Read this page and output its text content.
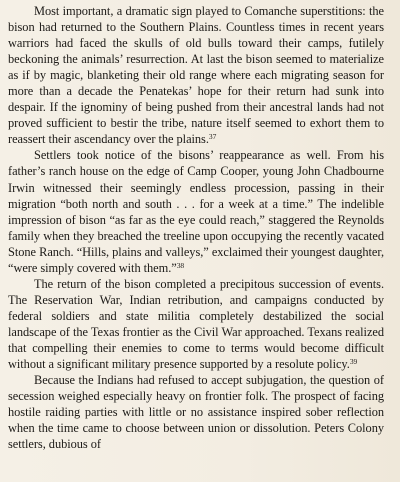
Most important, a dramatic sign played to Comanche superstitions: the bison had returned to the Southern Plains. Countless times in recent years warriors had faced the skulls of old bulls toward their camps, futilely beckoning the animals’ resurrection. At last the bison seemed to materialize as if by magic, blanketing their old range where each migrating season for more than a decade the Penatekas’ hope for their return had sunk into despair. If the ignominy of being pushed from their ancestral lands had not proved sufficient to bestir the tribe, nature itself seemed to exhort them to reassert their ascendancy over the plains.$^{37}$

Settlers took notice of the bisons’ reappearance as well. From his father’s ranch house on the edge of Camp Cooper, young John Chadbourne Irwin witnessed their seemingly endless procession, passing in their migration “both north and south . . . for a week at a time.” The indelible impression of bison “as far as the eye could reach,” staggered the Reynolds family when they breached the treeline upon occupying the recently vacated Stone Ranch. “Hills, plains and valleys,” exclaimed their youngest daughter, “were simply covered with them.”$^{38}$

The return of the bison completed a precipitous succession of events. The Reservation War, Indian retribution, and campaigns conducted by federal soldiers and state militia completely destabilized the social landscape of the Texas frontier as the Civil War approached. Texans realized that compelling their enemies to come to terms would become difficult without a significant military presence supported by a resolute policy.$^{39}$

Because the Indians had refused to accept subjugation, the question of secession weighed especially heavy on frontier folk. The prospect of facing hostile raiding parties with little or no assistance inspired sober reflection when the time came to choose between union or dissolution. Peters Colony settlers, dubious of
